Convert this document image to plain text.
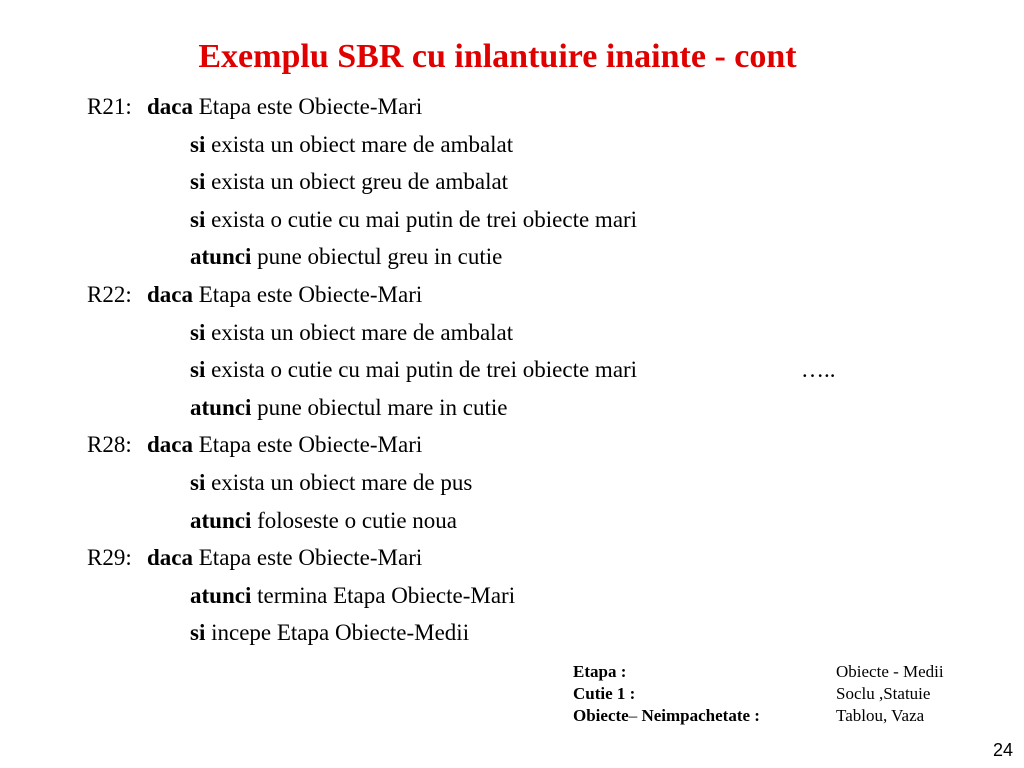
Exemplu SBR cu inlantuire inainte - cont
R21: daca Etapa este Obiecte-Mari
si exista un obiect mare de ambalat
si exista un obiect greu de ambalat
si exista o cutie cu mai putin de trei obiecte mari
atunci pune obiectul greu in cutie
R22: daca Etapa este Obiecte-Mari
si exista un obiect mare de ambalat
si exista o cutie cu mai putin de trei obiecte mari	…..
atunci pune obiectul mare in cutie
R28: daca Etapa este Obiecte-Mari
si exista un obiect mare de pus
atunci foloseste o cutie noua
R29: daca Etapa este Obiecte-Mari
atunci termina Etapa Obiecte-Mari
si incepe Etapa Obiecte-Medii
Etapa :	Obiecte - Medii
Cutie 1 :	Soclu ,Statuie
Obiecte– Neimpachetate :	Tablou, Vaza
24
